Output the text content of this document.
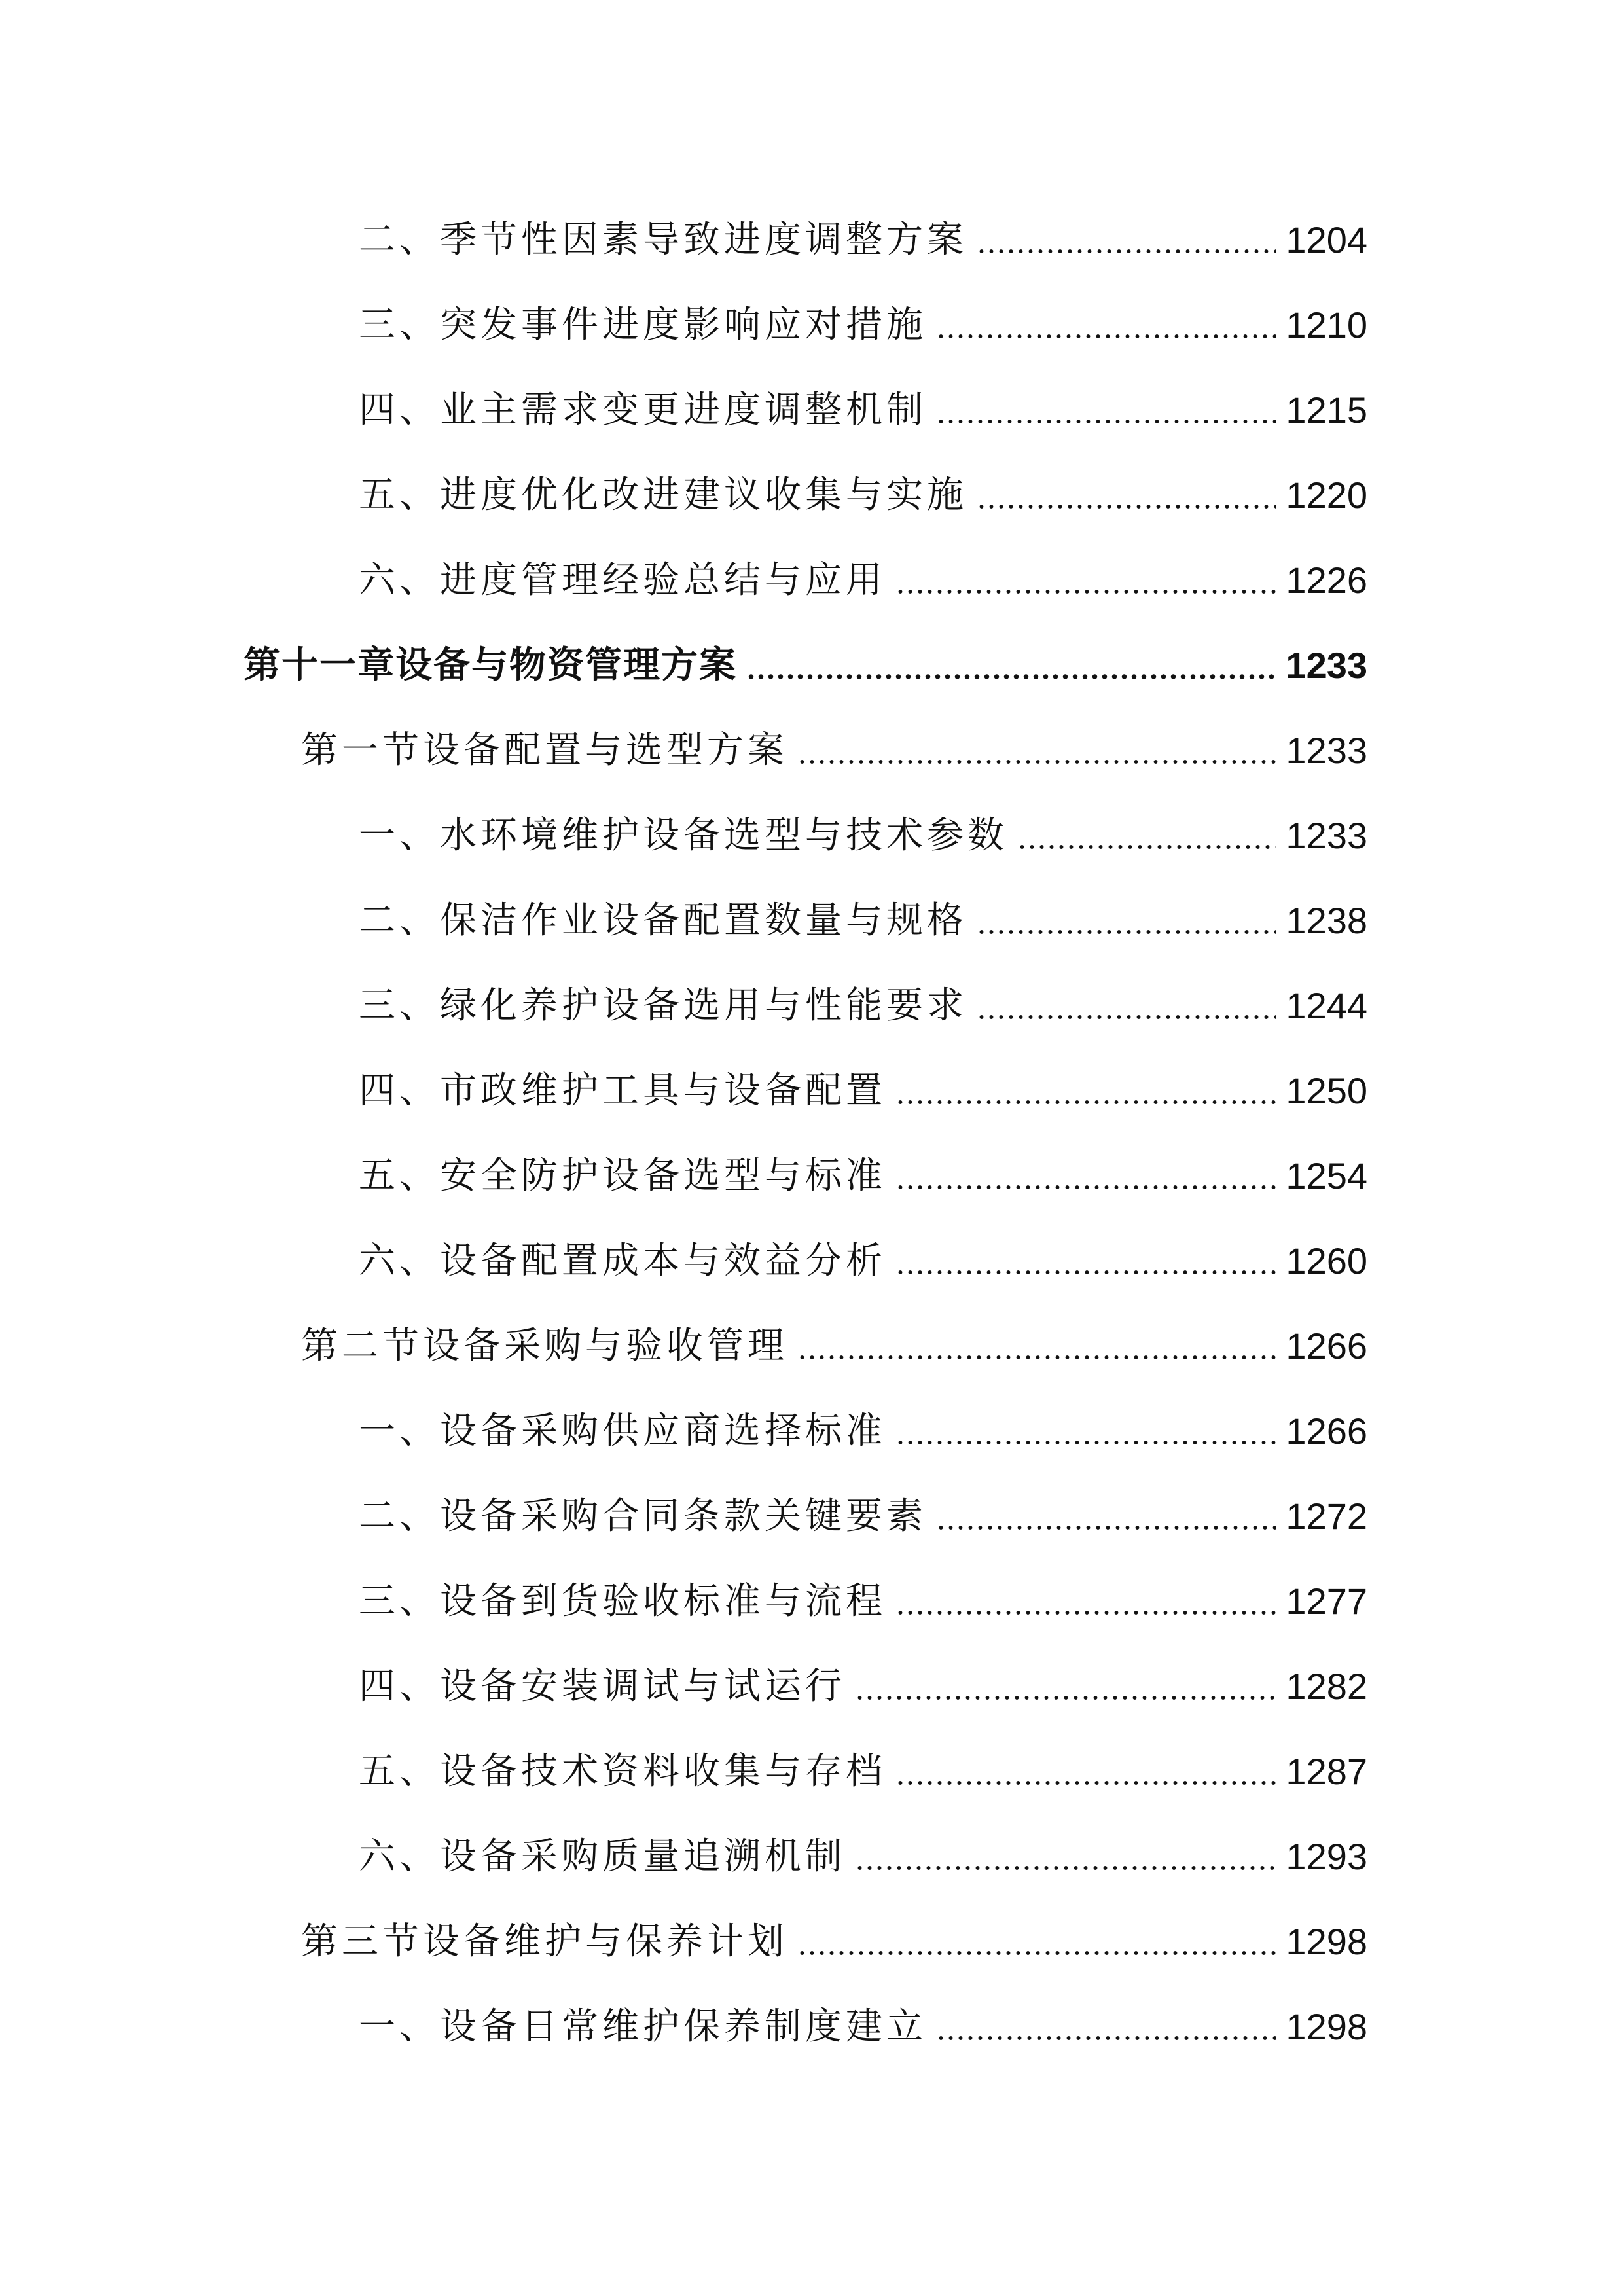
二、季节性因素导致进度调整方案	1204
三、突发事件进度影响应对措施	1210
四、业主需求变更进度调整机制	1215
五、进度优化改进建议收集与实施	1220
六、进度管理经验总结与应用	1226
第十一章设备与物资管理方案	1233
第一节设备配置与选型方案	1233
一、水环境维护设备选型与技术参数	1233
二、保洁作业设备配置数量与规格	1238
三、绿化养护设备选用与性能要求	1244
四、市政维护工具与设备配置	1250
五、安全防护设备选型与标准	1254
六、设备配置成本与效益分析	1260
第二节设备采购与验收管理	1266
一、设备采购供应商选择标准	1266
二、设备采购合同条款关键要素	1272
三、设备到货验收标准与流程	1277
四、设备安装调试与试运行	1282
五、设备技术资料收集与存档	1287
六、设备采购质量追溯机制	1293
第三节设备维护与保养计划	1298
一、设备日常维护保养制度建立	1298
